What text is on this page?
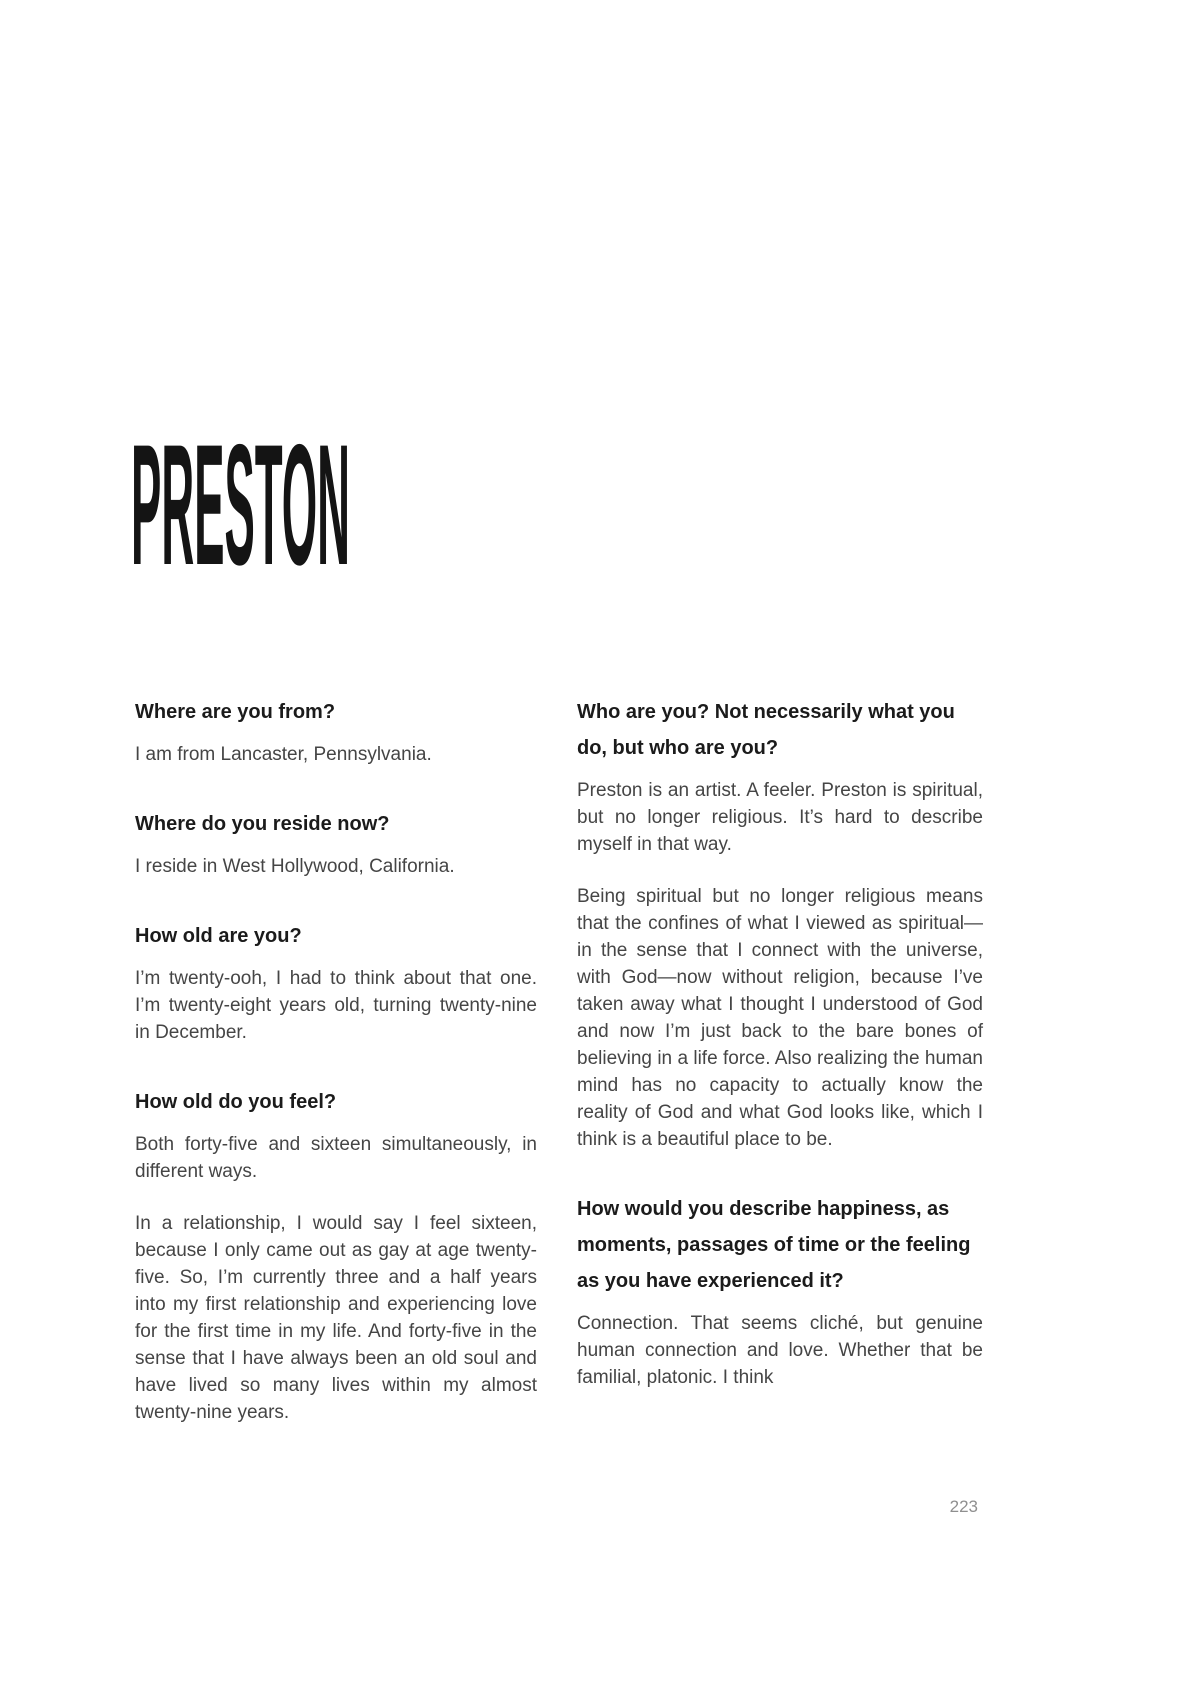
PRESTON
Where are you from?

I am from Lancaster, Pennsylvania.

Where do you reside now?

I reside in West Hollywood, California.

How old are you?

I’m twenty-ooh, I had to think about that one. I’m twenty-eight years old, turning twenty-nine in December.

How old do you feel?

Both forty-five and sixteen simultaneously, in different ways.

In a relationship, I would say I feel sixteen, because I only came out as gay at age twenty-five. So, I’m currently three and a half years into my first relationship and experiencing love for the first time in my life. And forty-five in the sense that I have always been an old soul and have lived so many lives within my almost twenty-nine years.

Who are you? Not necessarily what you do, but who are you?

Preston is an artist. A feeler. Preston is spiritual, but no longer religious. It’s hard to describe myself in that way.

Being spiritual but no longer religious means that the confines of what I viewed as spiritual—in the sense that I connect with the universe, with God—now without religion, because I’ve taken away what I thought I understood of God and now I’m just back to the bare bones of believing in a life force. Also realizing the human mind has no capacity to actually know the reality of God and what God looks like, which I think is a beautiful place to be.

How would you describe happiness, as moments, passages of time or the feeling as you have experienced it?

Connection. That seems cliché, but genuine human connection and love. Whether that be familial, platonic. I think

223
